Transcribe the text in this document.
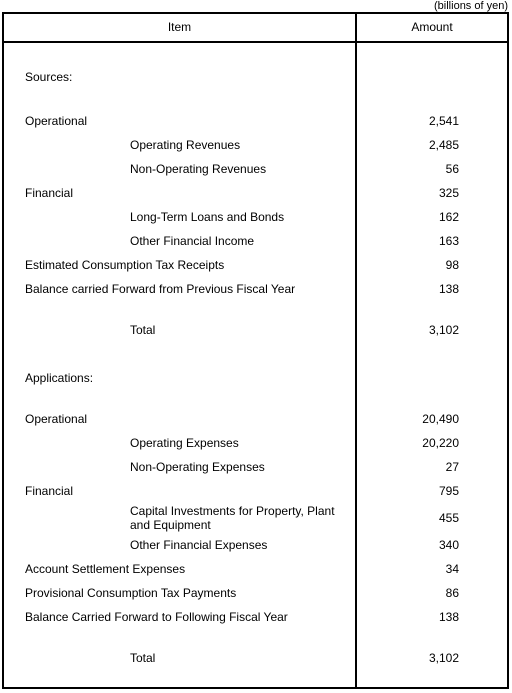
(billions of yen)
Item	Amount
Sources:
Operational	2,541
Operating Revenues	2,485
Non-Operating Revenues	56
Financial	325
Long-Term Loans and Bonds	162
Other Financial Income	163
Estimated Consumption Tax Receipts	98
Balance carried Forward from Previous Fiscal Year	138
Total	3,102
Applications:
Operational	20,490
Operating Expenses	20,220
Non-Operating Expenses	27
Financial	795
Capital Investments for Property, Plant
and Equipment	455
Other Financial Expenses	340
Account Settlement Expenses	34
Provisional Consumption Tax Payments	86
Balance Carried Forward to Following Fiscal Year	138
Total	3,102
